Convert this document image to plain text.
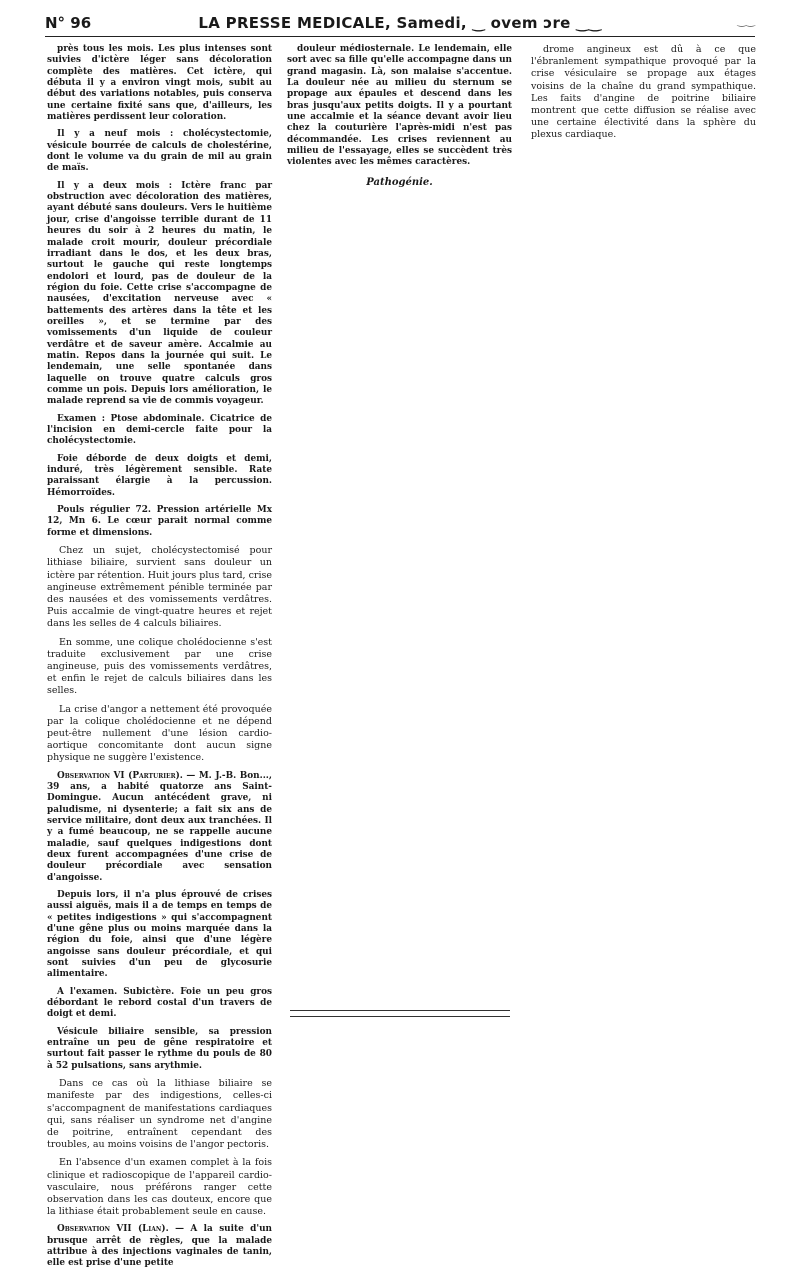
N° 96	LA PRESSE MEDICALE, Samedi, ‿ ovem ɔre ‿‿	‿‿

près tous les mois. Les plus intenses sont suivies d'ictère léger sans décoloration complète des matières. Cet ictère, qui débuta il y a environ vingt mois, subit au début des variations notables, puis conserva une certaine fixité sans que, d'ailleurs, les matières perdissent leur coloration.

Il y a neuf mois : cholécystectomie, vésicule bourrée de calculs de cholestérine, dont le volume va du grain de mil au grain de maïs.

Il y a deux mois : Ictère franc par obstruction avec décoloration des matières, ayant débuté sans douleurs. Vers le huitième jour, crise d'angoisse terrible durant de 11 heures du soir à 2 heures du matin, le malade croit mourir, douleur précordiale irradiant dans le dos, et les deux bras, surtout le gauche qui reste longtemps endolori et lourd, pas de douleur de la région du foie. Cette crise s'accompagne de nausées, d'excitation nerveuse avec « battements des artères dans la tête et les oreilles », et se termine par des vomissements d'un liquide de couleur verdâtre et de saveur amère. Accalmie au matin. Repos dans la journée qui suit. Le lendemain, une selle spontanée dans laquelle on trouve quatre calculs gros comme un pois. Depuis lors amélioration, le malade reprend sa vie de commis voyageur.

Examen : Ptose abdominale. Cicatrice de l'incision en demi-cercle faite pour la cholécystectomie.

Foie déborde de deux doigts et demi, induré, très légèrement sensible. Rate paraissant élargie à la percussion. Hémorroïdes.

Pouls régulier 72. Pression artérielle Mx 12, Mn 6. Le cœur parait normal comme forme et dimensions.

Chez un sujet, cholécystectomisé pour lithiase biliaire, survient sans douleur un ictère par rétention. Huit jours plus tard, crise angineuse extrêmement pénible terminée par des nausées et des vomissements verdâtres. Puis accalmie de vingt-quatre heures et rejet dans les selles de 4 calculs biliaires.

En somme, une colique cholédocienne s'est traduite exclusivement par une crise angineuse, puis des vomissements verdâtres, et enfin le rejet de calculs biliaires dans les selles.

La crise d'angor a nettement été provoquée par la colique cholédocienne et ne dépend peut-être nullement d'une lésion cardio-aortique concomitante dont aucun signe physique ne suggère l'existence.

Observation VI (Parturier). — M. J.-B. Bon..., 39 ans, a habité quatorze ans Saint-Domingue. Aucun antécédent grave, ni paludisme, ni dysenterie; a fait six ans de service militaire, dont deux aux tranchées. Il y a fumé beaucoup, ne se rappelle aucune maladie, sauf quelques indigestions dont deux furent accompagnées d'une crise de douleur précordiale avec sensation d'angoisse.

Depuis lors, il n'a plus éprouvé de crises aussi aiguës, mais il a de temps en temps de « petites indigestions » qui s'accompagnent d'une gêne plus ou moins marquée dans la région du foie, ainsi que d'une légère angoisse sans douleur précordiale, et qui sont suivies d'un peu de glycosurie alimentaire.

A l'examen. Subictère. Foie un peu gros débordant le rebord costal d'un travers de doigt et demi.

Vésicule biliaire sensible, sa pression entraîne un peu de gêne respiratoire et surtout fait passer le rythme du pouls de 80 à 52 pulsations, sans arythmie.

Dans ce cas où la lithiase biliaire se manifeste par des indigestions, celles-ci s'accompagnent de manifestations cardiaques qui, sans réaliser un syndrome net d'angine de poitrine, entraînent cependant des troubles, au moins voisins de l'angor pectoris.

En l'absence d'un examen complet à la fois clinique et radioscopique de l'appareil cardio-vasculaire, nous préférons ranger cette observation dans les cas douteux, encore que la lithiase était probablement seule en cause.

Observation VII (Lian). — A la suite d'un brusque arrêt de règles, que la malade attribue à des injections vaginales de tanin, elle est prise d'une petite

douleur médiosternale. Le lendemain, elle sort avec sa fille qu'elle accompagne dans un grand magasin. Là, son malaise s'accentue. La douleur née au milieu du sternum se propage aux épaules et descend dans les bras jusqu'aux petits doigts. Il y a pourtant une accalmie et la séance devant avoir lieu chez la couturière l'après-midi n'est pas décommandée. Les crises reviennent au milieu de l'essayage, elles se succèdent très violentes avec les mêmes caractères.

Pathogénie.

drome angineux est dû à ce que l'ébranlement sympathique provoqué par la crise vésiculaire se propage aux étages voisins de la chaîne du grand sympathique. Les faits d'angine de poitrine biliaire montrent que cette diffusion se réalise avec une certaine électivité dans la sphère du plexus cardiaque.
